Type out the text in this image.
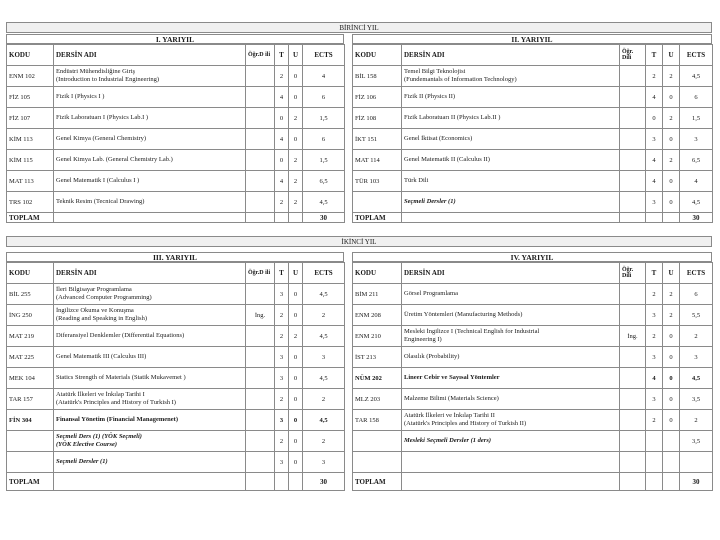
BİRİNCİ YIL
I. YARIYIL
KODU	DERSİN ADI	Öğr.D ili	T	U	ECTS
ENM 102	Endüstri Mühendisliğine Giriş
(Introduction to Industrial Engineering)		2	0	4
FİZ 105	Fizik I (Physics I )		4	0	6
FİZ 107	Fizik Laboratuarı I (Physics Lab.I )		0	2	1,5
KİM 113	Genel Kimya (General Chemistry)		4	0	6
KİM 115	Genel Kimya Lab. (General Chemistry Lab.)		0	2	1,5
MAT 113	Genel Matematik I (Calculus I )		4	2	6,5
TRS 102	Teknik Resim (Tecnical Drawing)		2	2	4,5
TOPLAM					30
II. YARIYIL
KODU	DERSİN ADI	Öğr. Dili	T	U	ECTS
BİL 158	Temel Bilgi Teknolojisi
(Fundemantals of Information Technology)		2	2	4,5
FİZ 106	Fizik II (Physics II)		4	0	6
FİZ 108	Fizik Laboratuarı II (Physics Lab.II )		0	2	1,5
İKT 151	Genel İktisat (Economics)		3	0	3
MAT 114	Genel Matematik II (Calculus II)		4	2	6,5
TÜR 103	Türk Dili		4	0	4

	Seçmeli Dersler (1)		3	0	4,5
TOPLAM					30
İKİNCİ YIL
III. YARIYIL
KODU	DERSİN ADI	Öğr.D ili	T	U	ECTS
BİL 255	İleri Bilgisayar Programlama
(Advanced Computer Programming)		3	0	4,5
İNG 250	İngilizce Okuma ve Konuşma
(Reading and Speaking in English)	İng.	2	0	2
MAT 219	Diferansiyel Denklemler (Differential Equations)		2	2	4,5
MAT 225	Genel Matematik III (Calculus III)		3	0	3
MEK 104	Statics Strength of Materials (Statik Mukavemet )		3	0	4,5
TAR 157	Atatürk İlkeleri ve İnkılap Tarihi I
(Atatürk's Principles and History of Turkish I)		2	0	2
FİN 304	Finansal Yönetim (Financial Managemenet)		3	0	4,5

	Seçmeli Ders (1) (YÖK Seçmeli)
(YÖK Elective Course)		2	0	2

	Seçmeli Dersler (1)		3	0	3
TOPLAM					30
IV. YARIYIL
KODU	DERSİN ADI	Öğr. Dili	T	U	ECTS
BİM 211	Görsel Programlama		2	2	6
ENM 208	Üretim Yöntemleri (Manufacturing Methods)		3	2	5,5
ENM 210	Mesleki İngilizce I (Technical English for Industrial
Engineering I)	İng.	2	0	2
İST 213	Olasılık (Probability)		3	0	3
NÜM 202	Lineer Cebir ve Sayısal Yöntemler		4	0	4,5
MLZ 203	Malzeme Bilimi (Materials Science)		3	0	3,5
TAR 158	Atatürk İlkeleri ve İnkılap Tarihi II
(Atatürk's Principles and History of Turkish II)		2	0	2

	Mesleki Seçmeli Dersler (1 ders)				3,5

TOPLAM					30
